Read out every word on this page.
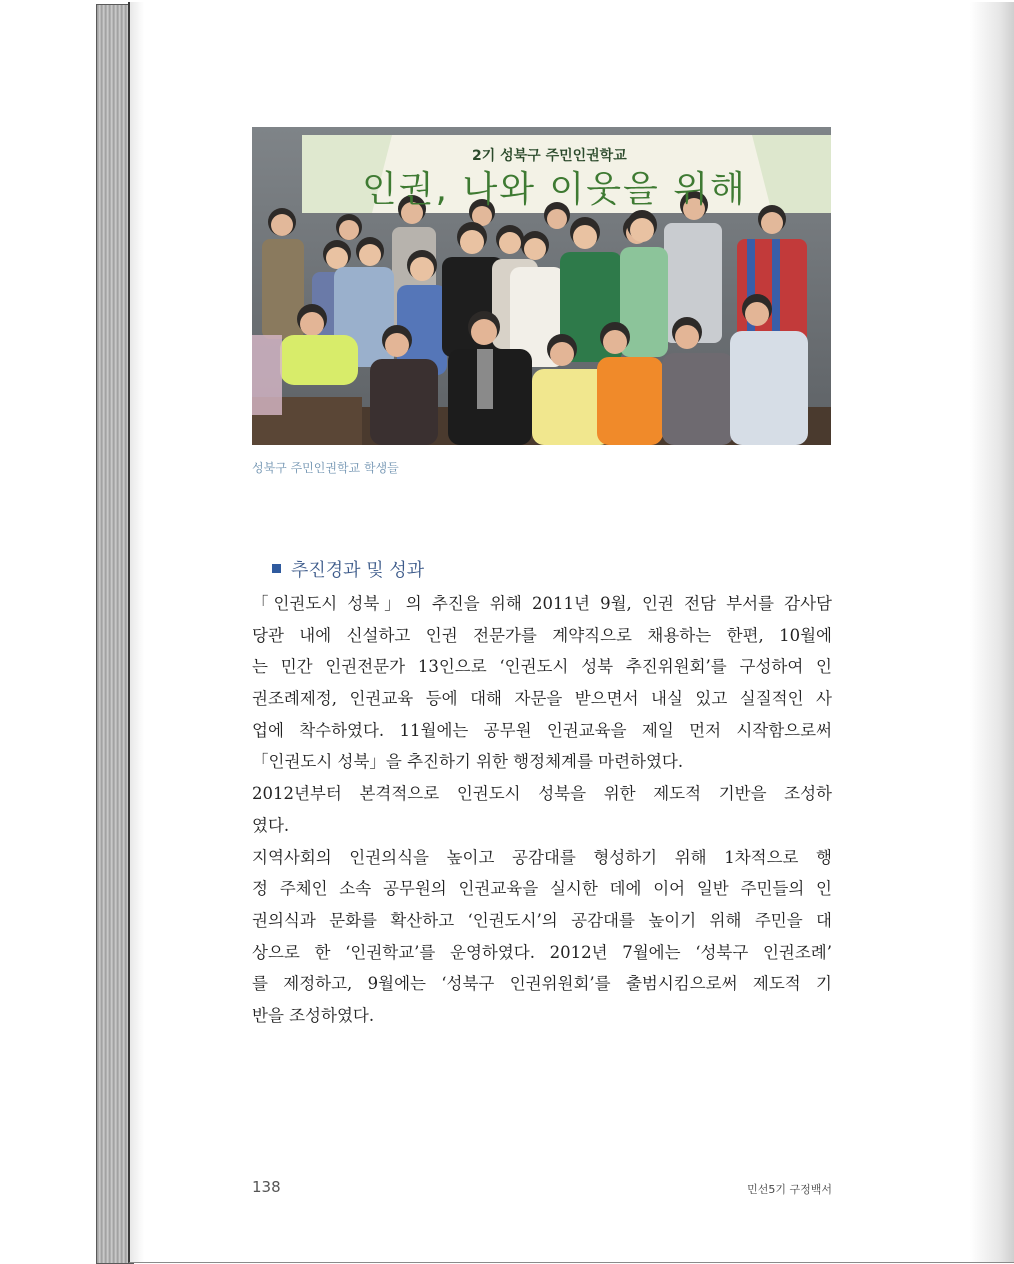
2기 성북구 주민인권학교
인권, 나와 이웃을 위해
성북구 주민인권학교 학생들
추진경과 및 성과
「인권도시 성북」의 추진을 위해 2011년 9월, 인권 전담 부서를 감사담
당관 내에 신설하고 인권 전문가를 계약직으로 채용하는 한편, 10월에
는 민간 인권전문가 13인으로 ‘인권도시 성북 추진위원회’를 구성하여 인
권조례제정, 인권교육 등에 대해 자문을 받으면서 내실 있고 실질적인 사
업에 착수하였다. 11월에는 공무원 인권교육을 제일 먼저 시작함으로써
「인권도시 성북」을 추진하기 위한 행정체계를 마련하였다.
2012년부터 본격적으로 인권도시 성북을 위한 제도적 기반을 조성하
였다.
지역사회의 인권의식을 높이고 공감대를 형성하기 위해 1차적으로 행
정 주체인 소속 공무원의 인권교육을 실시한 데에 이어 일반 주민들의 인
권의식과 문화를 확산하고 ‘인권도시’의 공감대를 높이기 위해 주민을 대
상으로 한 ‘인권학교’를 운영하였다. 2012년 7월에는 ‘성북구 인권조례’
를 제정하고, 9월에는 ‘성북구 인권위원회’를 출범시킴으로써 제도적 기
반을 조성하였다.
138	민선5기 구정백서
